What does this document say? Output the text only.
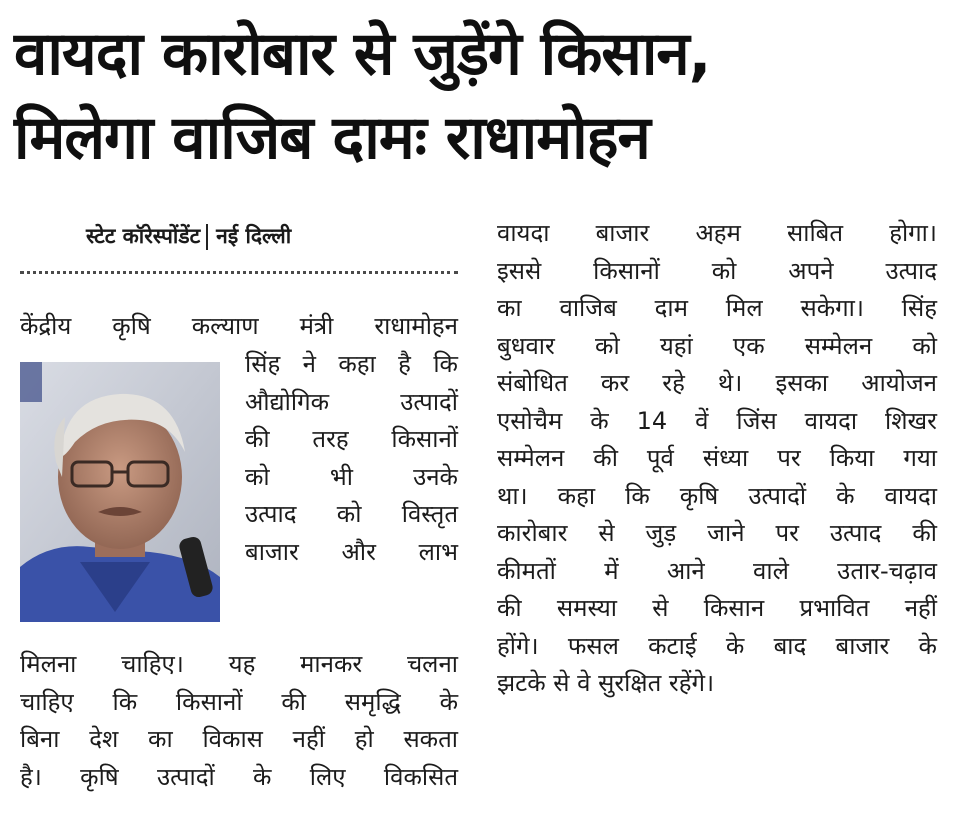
वायदा कारोबार से जुड़ेंगे किसान,
मिलेगा वाजिब दामः राधामोहन
स्टेट कॉरेस्पोंडेंट नई दिल्ली
केंद्रीय कृषि कल्याण मंत्री राधामोहन
सिंह ने कहा है कि
औद्योगिक उत्पादों
की तरह किसानों
को भी उनके
उत्पाद को विस्तृत
बाजार और लाभ
मिलना चाहिए। यह मानकर चलना
चाहिए कि किसानों की समृद्धि के
बिना देश का विकास नहीं हो सकता
है। कृषि उत्पादों के लिए विकसित
वायदा बाजार अहम साबित होगा।
इससे किसानों को अपने उत्पाद
का वाजिब दाम मिल सकेगा। सिंह
बुधवार को यहां एक सम्मेलन को
संबोधित कर रहे थे। इसका आयोजन
एसोचैम के 14 वें जिंस वायदा शिखर
सम्मेलन की पूर्व संध्या पर किया गया
था। कहा कि कृषि उत्पादों के वायदा
कारोबार से जुड़ जाने पर उत्पाद की
कीमतों में आने वाले उतार-चढ़ाव
की समस्या से किसान प्रभावित नहीं
होंगे। फसल कटाई के बाद बाजार के
झटके से वे सुरक्षित रहेंगे।
